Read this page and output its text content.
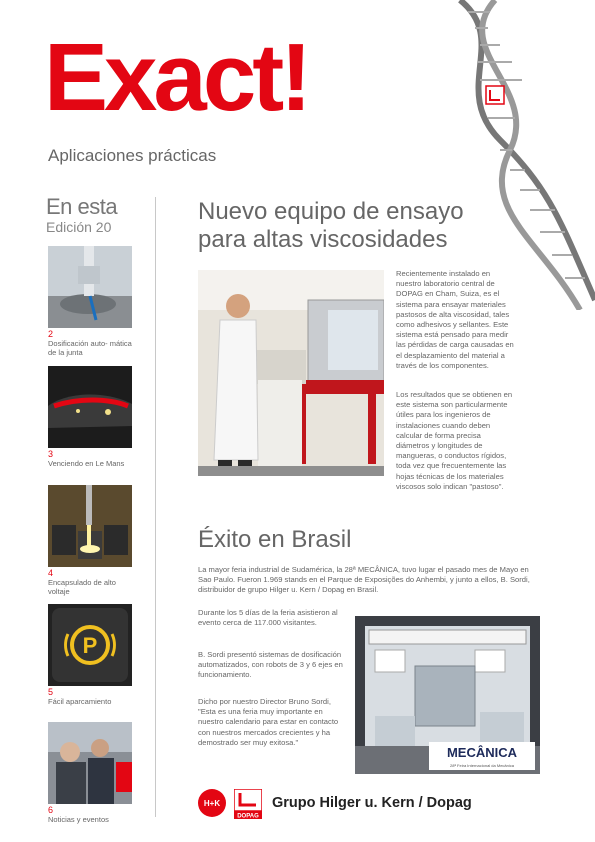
Exact!
Aplicaciones prácticas
En esta
Edición 20
2
Dosificación auto- mática de la junta
3
Venciendo en Le Mans
4
Encapsulado de alto voltaje
P
5
Fácil aparcamiento
6
Noticias y eventos
Nuevo equipo de ensayo
para altas viscosidades
Recientemente instalado en nuestro laboratorio central de DOPAG en Cham, Suiza, es el sistema para ensayar materiales pastosos de alta viscosidad, tales como adhesivos y sellantes. Este sistema está pensado para medir las pérdidas de carga causadas en el desplazamiento del material a través de los componentes.
Los resultados que se obtienen en este sistema son particularmente útiles para los ingenieros de instalaciones cuando deben calcular de forma precisa diámetros y longitudes de mangueras, o conductos rígidos, toda vez que frecuentemente las hojas técnicas de los materiales viscosos solo indican "pastoso".
Éxito en Brasil
La mayor feria industrial de Sudamérica, la 28ª MECÂNICA, tuvo lugar el pasado mes de Mayo en Sao Paulo. Fueron 1.969 stands en el Parque de Exposições do Anhembi, y junto a ellos, B. Sordi, distribuidor de grupo Hilger u. Kern / Dopag en Brasil.
Durante los 5 días de la feria asistieron al evento cerca de 117.000 visitantes.
B. Sordi presentó sistemas de dosificación automatizados, con robots de 3 y 6 ejes en funcionamiento.
Dicho por nuestro Director Bruno Sordi, "Esta es una feria muy importante en nuestro calendario para estar en contacto con nuestros mercados crecientes y ha demostrado ser muy exitosa."
MECÂNICA
28ª Feira Internacional da Mecânica
H+K
DOPAG
Grupo Hilger u. Kern / Dopag
